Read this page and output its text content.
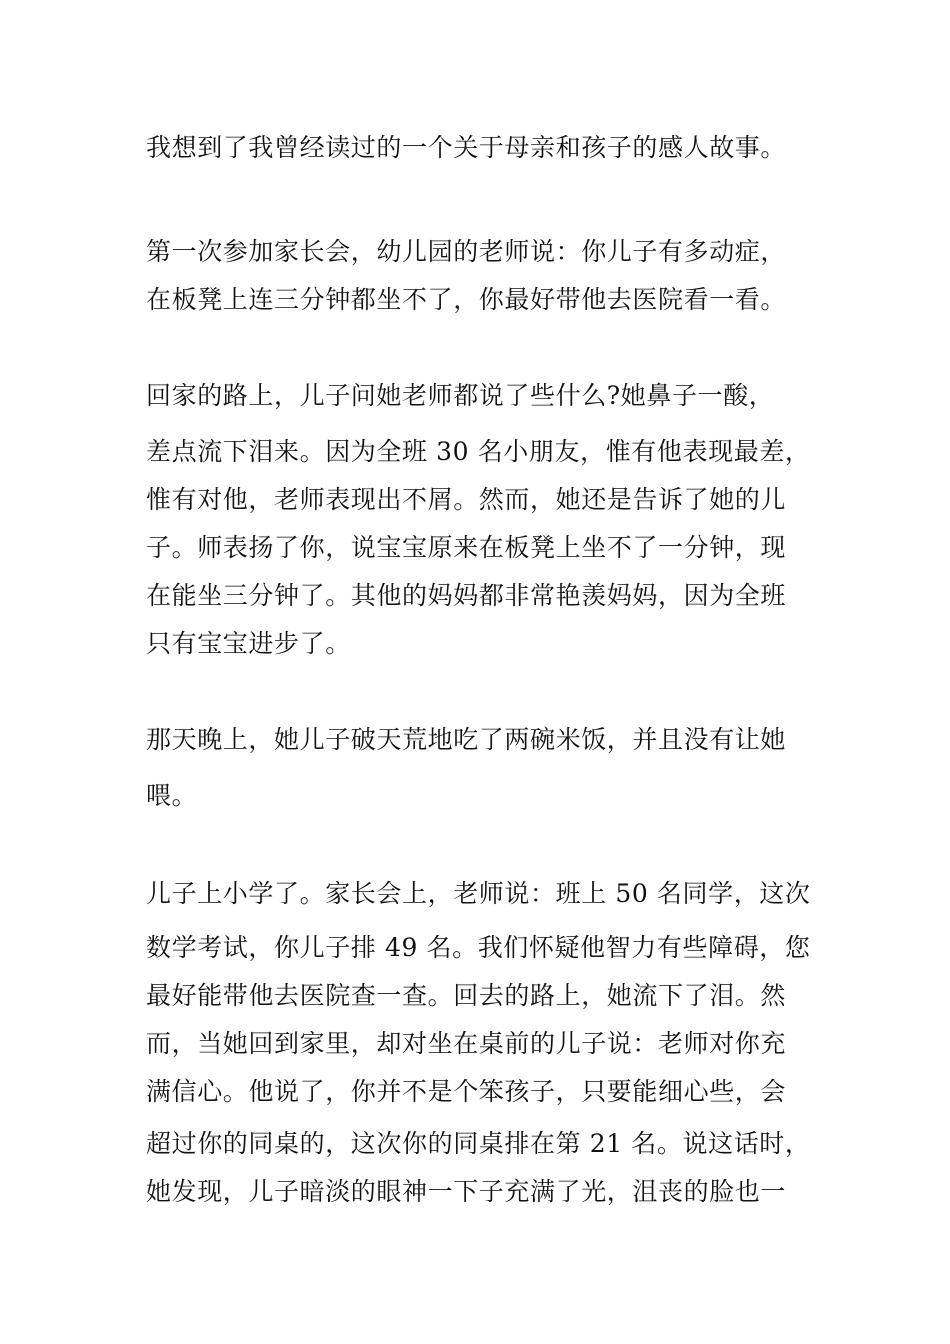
我想到了我曾经读过的一个关于母亲和孩子的感人故事。
第一次参加家长会，幼儿园的老师说：你儿子有多动症，
在板凳上连三分钟都坐不了，你最好带他去医院看一看。
回家的路上，儿子问她老师都说了些什么?她鼻子一酸，
差点流下泪来。因为全班 30 名小朋友，惟有他表现最差，
惟有对他，老师表现出不屑。然而，她还是告诉了她的儿
子。师表扬了你，说宝宝原来在板凳上坐不了一分钟，现
在能坐三分钟了。其他的妈妈都非常艳羡妈妈，因为全班
只有宝宝进步了。
那天晚上，她儿子破天荒地吃了两碗米饭，并且没有让她
喂。
儿子上小学了。家长会上，老师说：班上 50 名同学，这次
数学考试，你儿子排 49 名。我们怀疑他智力有些障碍，您
最好能带他去医院查一查。回去的路上，她流下了泪。然
而，当她回到家里，却对坐在桌前的儿子说：老师对你充
满信心。他说了，你并不是个笨孩子，只要能细心些，会
超过你的同桌的，这次你的同桌排在第 21 名。说这话时，
她发现，儿子暗淡的眼神一下子充满了光，沮丧的脸也一
